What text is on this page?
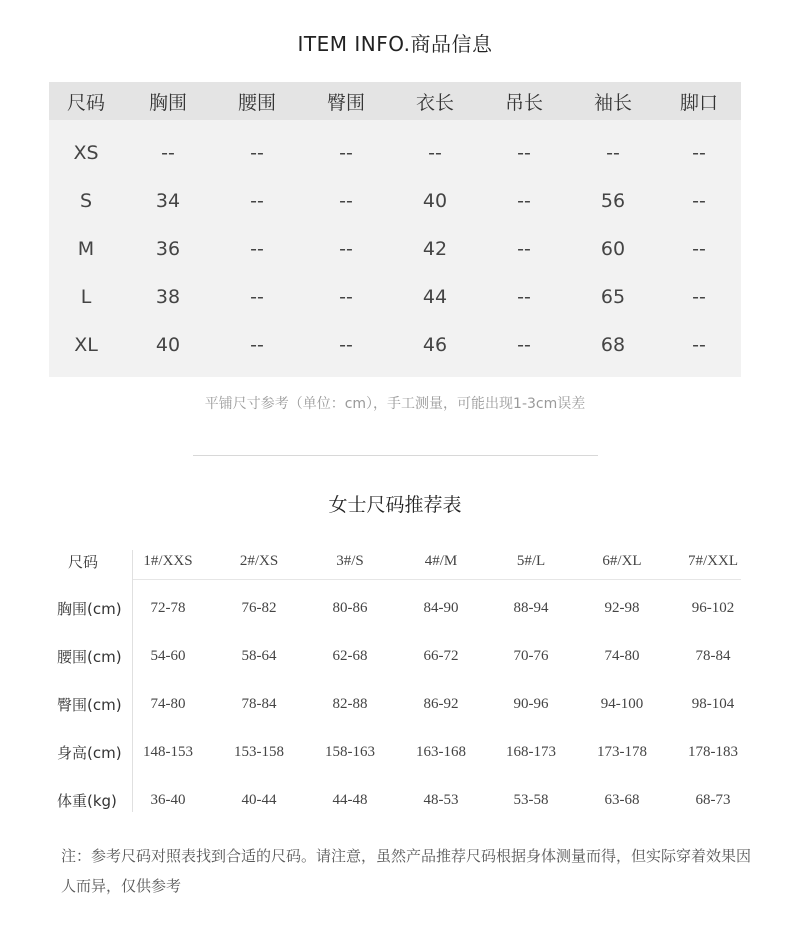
ITEM INFO.商品信息
尺码	胸围	腰围	臀围	衣长	吊长	袖长	脚口
XS	--	--	--	--	--	--	--
S	34	--	--	40	--	56	--
M	36	--	--	42	--	60	--
L	38	--	--	44	--	65	--
XL	40	--	--	46	--	68	--
平铺尺寸参考（单位：cm），手工测量，可能出现1-3cm误差
女士尺码推荐表
尺码	1#/XXS	2#/XS	3#/S	4#/M	5#/L	6#/XL	7#/XXL
胸围(cm)	72-78	76-82	80-86	84-90	88-94	92-98	96-102
腰围(cm)	54-60	58-64	62-68	66-72	70-76	74-80	78-84
臀围(cm)	74-80	78-84	82-88	86-92	90-96	94-100	98-104
身高(cm)	148-153	153-158	158-163	163-168	168-173	173-178	178-183
体重(kg)	36-40	40-44	44-48	48-53	53-58	63-68	68-73
注：参考尺码对照表找到合适的尺码。请注意，虽然产品推荐尺码根据身体测量而得，但实际穿着效果因人而异，仅供参考
